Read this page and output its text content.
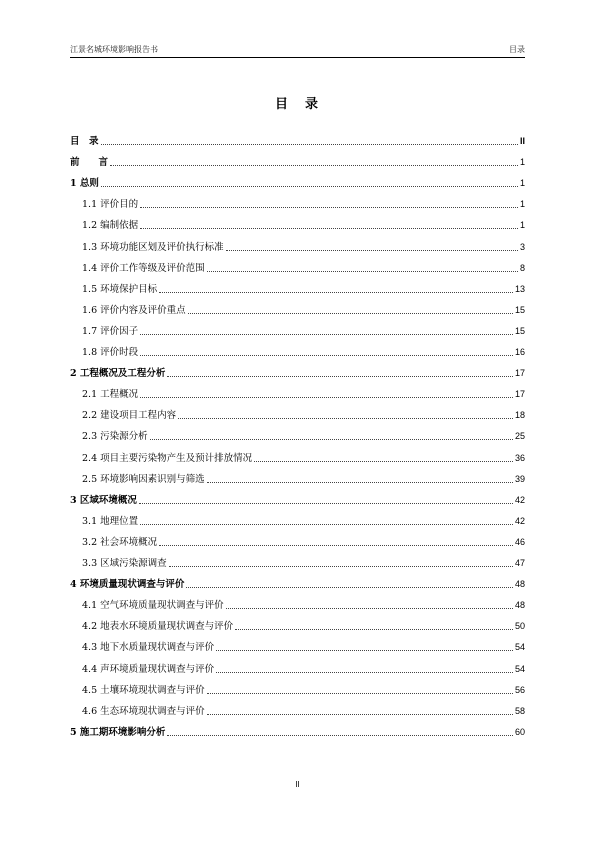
江景名城环境影响报告书	目录
目　录
目　录	II
前　　言	1
1 总则	1
1.1 评价目的	1
1.2 编制依据	1
1.3 环境功能区划及评价执行标准	3
1.4 评价工作等级及评价范围	8
1.5 环境保护目标	13
1.6 评价内容及评价重点	15
1.7 评价因子	15
1.8 评价时段	16
2 工程概况及工程分析	17
2.1 工程概况	17
2.2 建设项目工程内容	18
2.3 污染源分析	25
2.4 项目主要污染物产生及预计排放情况	36
2.5 环境影响因素识别与筛选	39
3 区域环境概况	42
3.1 地理位置	42
3.2 社会环境概况	46
3.3 区域污染源调查	47
4 环境质量现状调查与评价	48
4.1 空气环境质量现状调查与评价	48
4.2 地表水环境质量现状调查与评价	50
4.3 地下水质量现状调查与评价	54
4.4 声环境质量现状调查与评价	54
4.5 土壤环境现状调查与评价	56
4.6 生态环境现状调查与评价	58
5 施工期环境影响分析	60
II
